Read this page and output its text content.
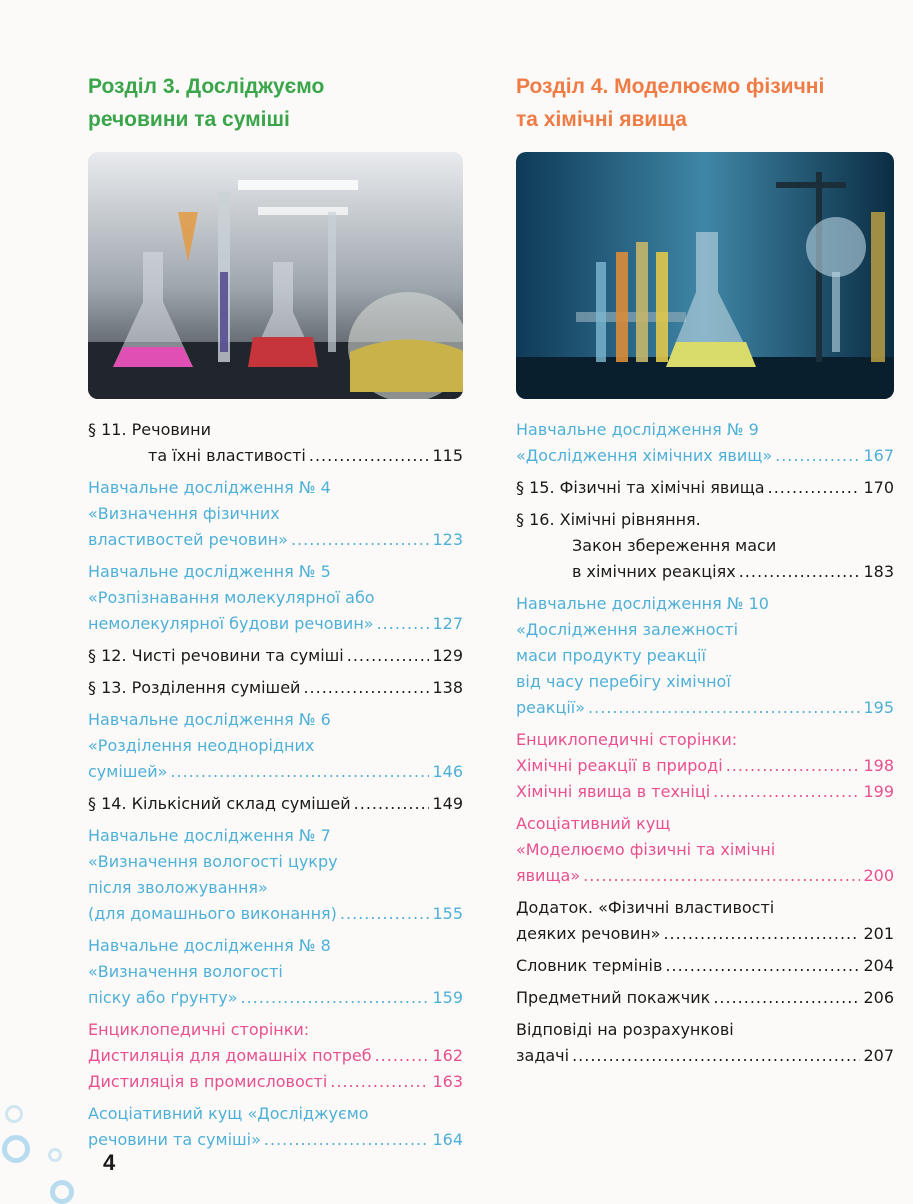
Розділ 3. Досліджуємо
речовини та суміші
§ 11. Речовини
та їхні властивості .....	115
Навчальне дослідження № 4
«Визначення фізичних
властивостей речовин» .....	123
Навчальне дослідження № 5
«Розпізнавання молекулярної або
немолекулярної будови речовин» .....	127
§ 12. Чисті речовини та суміші .....	129
§ 13. Розділення сумішей .....	138
Навчальне дослідження № 6
«Розділення неоднорідних
сумішей» .....	146
§ 14. Кількісний склад сумішей .....	149
Навчальне дослідження № 7
«Визначення вологості цукру
після зволожування»
(для домашнього виконання) .....	155
Навчальне дослідження № 8
«Визначення вологості
піску або ґрунту» .....	159
Енциклопедичні сторінки:
Дистиляція для домашніх потреб .....	162
Дистиляція в промисловості .....	163
Асоціативний кущ «Досліджуємо
речовини та суміші» .....	164
Розділ 4. Моделюємо фізичні
та хімічні явища
Навчальне дослідження № 9
«Дослідження хімічних явищ» .....	167
§ 15. Фізичні та хімічні явища .....	170
§ 16. Хімічні рівняння.
Закон збереження маси
в хімічних реакціях .....	183
Навчальне дослідження № 10
«Дослідження залежності
маси продукту реакції
від часу перебігу хімічної
реакції» .....	195
Енциклопедичні сторінки:
Хімічні реакції в природі .....	198
Хімічні явища в техніці .....	199
Асоціативний кущ
«Моделюємо фізичні та хімічні
явища» .....	200
Додаток. «Фізичні властивості
деяких речовин» .....	201
Словник термінів .....	204
Предметний покажчик .....	206
Відповіді на розрахункові
задачі .....	207
4
